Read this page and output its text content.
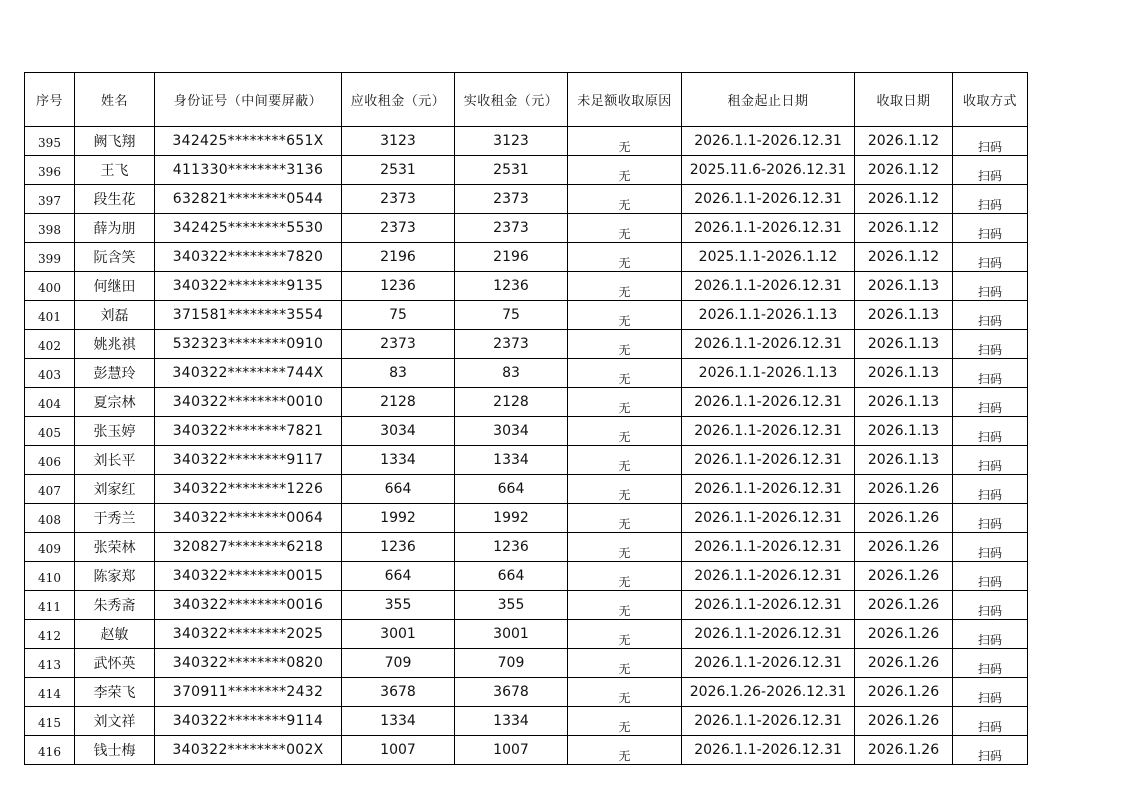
序号	姓名	身份证号（中间要屏蔽）	应收租金（元）	实收租金（元）	未足额收取原因	租金起止日期	收取日期	收取方式
395	阙飞翔	342425********651X	3123	3123	无	2026.1.1-2026.12.31	2026.1.12	扫码
396	王飞	411330********3136	2531	2531	无	2025.11.6-2026.12.31	2026.1.12	扫码
397	段生花	632821********0544	2373	2373	无	2026.1.1-2026.12.31	2026.1.12	扫码
398	薛为朋	342425********5530	2373	2373	无	2026.1.1-2026.12.31	2026.1.12	扫码
399	阮含笑	340322********7820	2196	2196	无	2025.1.1-2026.1.12	2026.1.12	扫码
400	何继田	340322********9135	1236	1236	无	2026.1.1-2026.12.31	2026.1.13	扫码
401	刘磊	371581********3554	75	75	无	2026.1.1-2026.1.13	2026.1.13	扫码
402	姚兆祺	532323********0910	2373	2373	无	2026.1.1-2026.12.31	2026.1.13	扫码
403	彭慧玲	340322********744X	83	83	无	2026.1.1-2026.1.13	2026.1.13	扫码
404	夏宗林	340322********0010	2128	2128	无	2026.1.1-2026.12.31	2026.1.13	扫码
405	张玉婷	340322********7821	3034	3034	无	2026.1.1-2026.12.31	2026.1.13	扫码
406	刘长平	340322********9117	1334	1334	无	2026.1.1-2026.12.31	2026.1.13	扫码
407	刘家红	340322********1226	664	664	无	2026.1.1-2026.12.31	2026.1.26	扫码
408	于秀兰	340322********0064	1992	1992	无	2026.1.1-2026.12.31	2026.1.26	扫码
409	张荣林	320827********6218	1236	1236	无	2026.1.1-2026.12.31	2026.1.26	扫码
410	陈家郑	340322********0015	664	664	无	2026.1.1-2026.12.31	2026.1.26	扫码
411	朱秀斋	340322********0016	355	355	无	2026.1.1-2026.12.31	2026.1.26	扫码
412	赵敏	340322********2025	3001	3001	无	2026.1.1-2026.12.31	2026.1.26	扫码
413	武怀英	340322********0820	709	709	无	2026.1.1-2026.12.31	2026.1.26	扫码
414	李荣飞	370911********2432	3678	3678	无	2026.1.26-2026.12.31	2026.1.26	扫码
415	刘文祥	340322********9114	1334	1334	无	2026.1.1-2026.12.31	2026.1.26	扫码
416	钱士梅	340322********002X	1007	1007	无	2026.1.1-2026.12.31	2026.1.26	扫码
